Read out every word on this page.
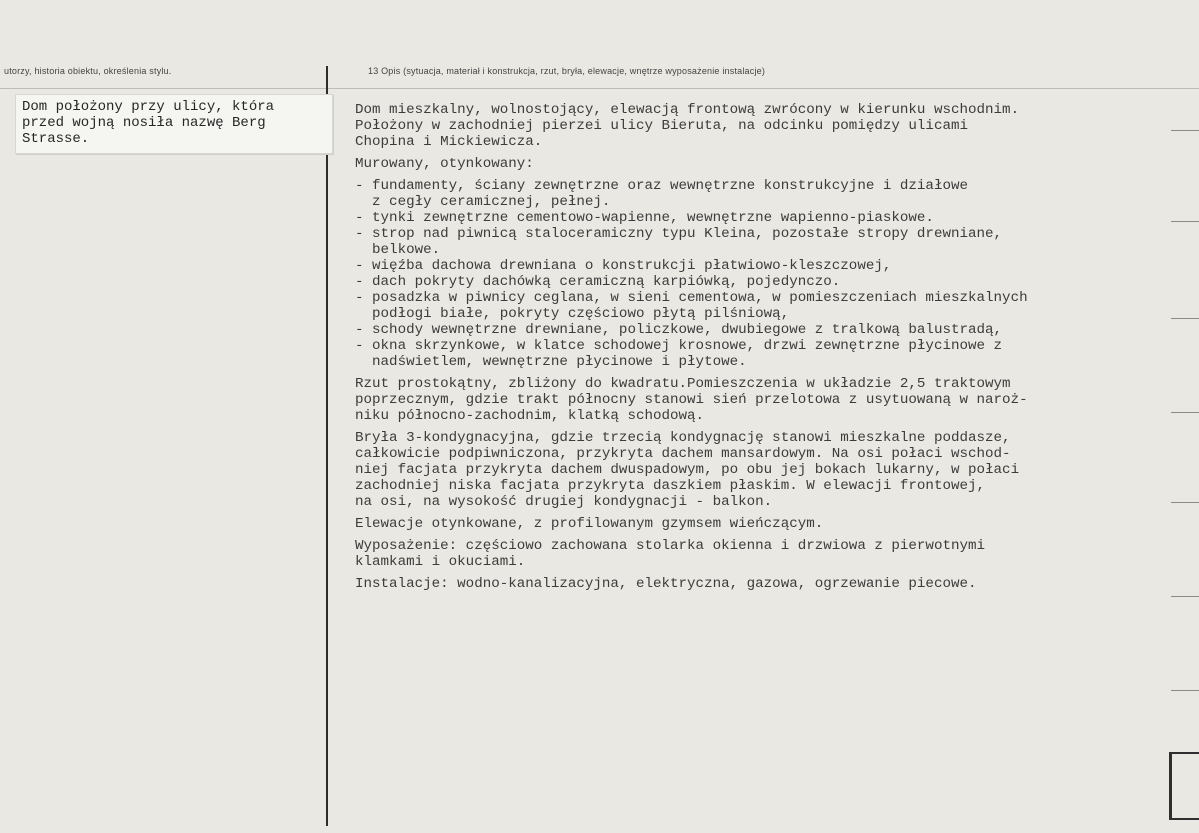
utorzy, historia obiektu, określenia stylu.	13 Opis (sytuacja, materiał i konstrukcja, rzut, bryła, elewacje, wnętrze wyposażenie instalacje)
Dom położony przy ulicy, która
przed wojną nosiła nazwę Berg
Strasse.
Dom mieszkalny, wolnostojący, elewacją frontową zwrócony w kierunku wschodnim.
Położony w zachodniej pierzei ulicy Bieruta, na odcinku pomiędzy ulicami
Chopina i Mickiewicza.
Murowany, otynkowany:
- fundamenty, ściany zewnętrzne oraz wewnętrzne konstrukcyjne i działowe
z cegły ceramicznej, pełnej.
- tynki zewnętrzne cementowo-wapienne, wewnętrzne wapienno-piaskowe.
- strop nad piwnicą staloceramiczny typu Kleina, pozostałe stropy drewniane,
belkowe.
- więźba dachowa drewniana o konstrukcji płatwiowo-kleszczowej,
- dach pokryty dachówką ceramiczną karpiówką, pojedynczo.
- posadzka w piwnicy ceglana, w sieni cementowa, w pomieszczeniach mieszkalnych
podłogi białe, pokryty częściowo płytą pilśniową,
- schody wewnętrzne drewniane, policzkowe, dwubiegowe z tralkową balustradą,
- okna skrzynkowe, w klatce schodowej krosnowe, drzwi zewnętrzne płycinowe z
nadświetlem, wewnętrzne płycinowe i płytowe.
Rzut prostokątny, zbliżony do kwadratu.Pomieszczenia w układzie 2,5 traktowym
poprzecznym, gdzie trakt północny stanowi sień przelotowa z usytuowaną w naroż-
niku północno-zachodnim, klatką schodową.
Bryła 3-kondygnacyjna, gdzie trzecią kondygnację stanowi mieszkalne poddasze,
całkowicie podpiwniczona, przykryta dachem mansardowym. Na osi połaci wschod-
niej facjata przykryta dachem dwuspadowym, po obu jej bokach lukarny, w połaci
zachodniej niska facjata przykryta daszkiem płaskim. W elewacji frontowej,
na osi, na wysokość drugiej kondygnacji - balkon.
Elewacje otynkowane, z profilowanym gzymsem wieńczącym.
Wyposażenie: częściowo zachowana stolarka okienna i drzwiowa z pierwotnymi
klamkami i okuciami.
Instalacje: wodno-kanalizacyjna, elektryczna, gazowa, ogrzewanie piecowe.
